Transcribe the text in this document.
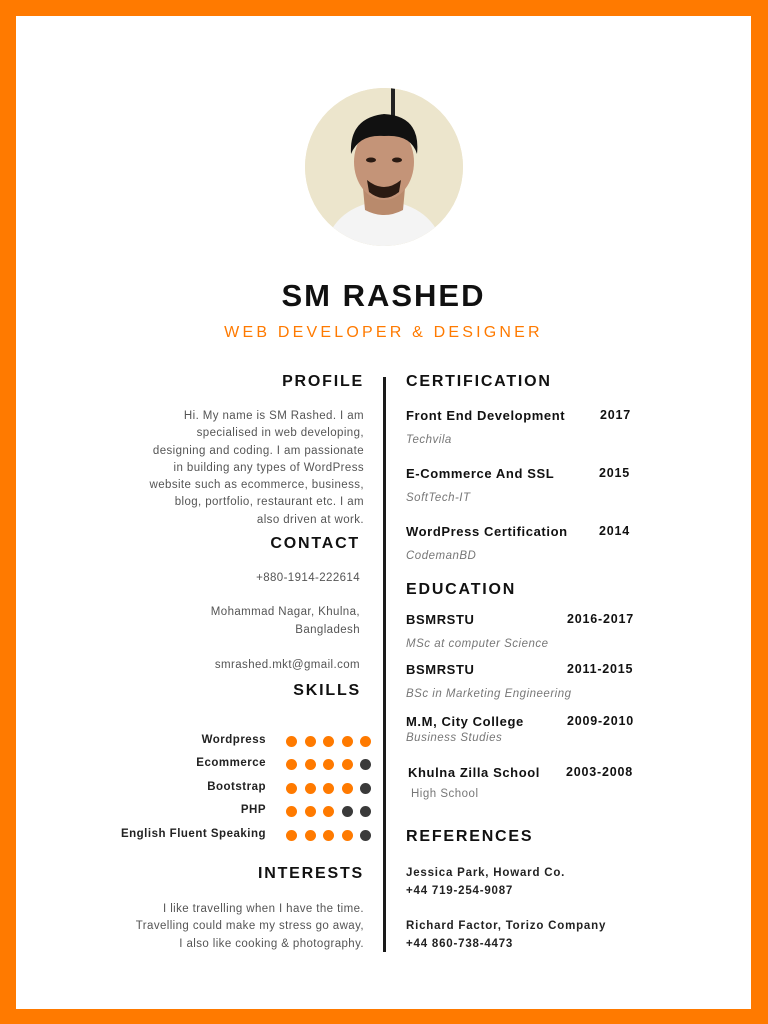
SM RASHED
WEB DEVELOPER & DESIGNER
PROFILE
Hi. My name is SM Rashed. I am
specialised in web developing,
designing and coding. I am passionate
in building any types of WordPress
website such as ecommerce, business,
blog, portfolio, restaurant etc. I am
also driven at work.
CONTACT
+880-1914-222614
Mohammad Nagar, Khulna,
Bangladesh
smrashed.mkt@gmail.com
SKILLS
Wordpress
Ecommerce
Bootstrap
PHP
English Fluent Speaking
INTERESTS
I like travelling when I have the time.
Travelling could make my stress go away,
I also like cooking & photography.
CERTIFICATION
Front End Development	2017
Techvila
E-Commerce And SSL	2015
SoftTech-IT
WordPress Certification	2014
CodemanBD
EDUCATION
BSMRSTU	2016-2017
MSc at computer Science
BSMRSTU	2011-2015
BSc in Marketing Engineering
M.M, City College	2009-2010
Business Studies
Khulna Zilla School 2003-2008
High School
REFERENCES
Jessica Park, Howard Co.
+44 719-254-9087
Richard Factor, Torizo Company
+44 860-738-4473
